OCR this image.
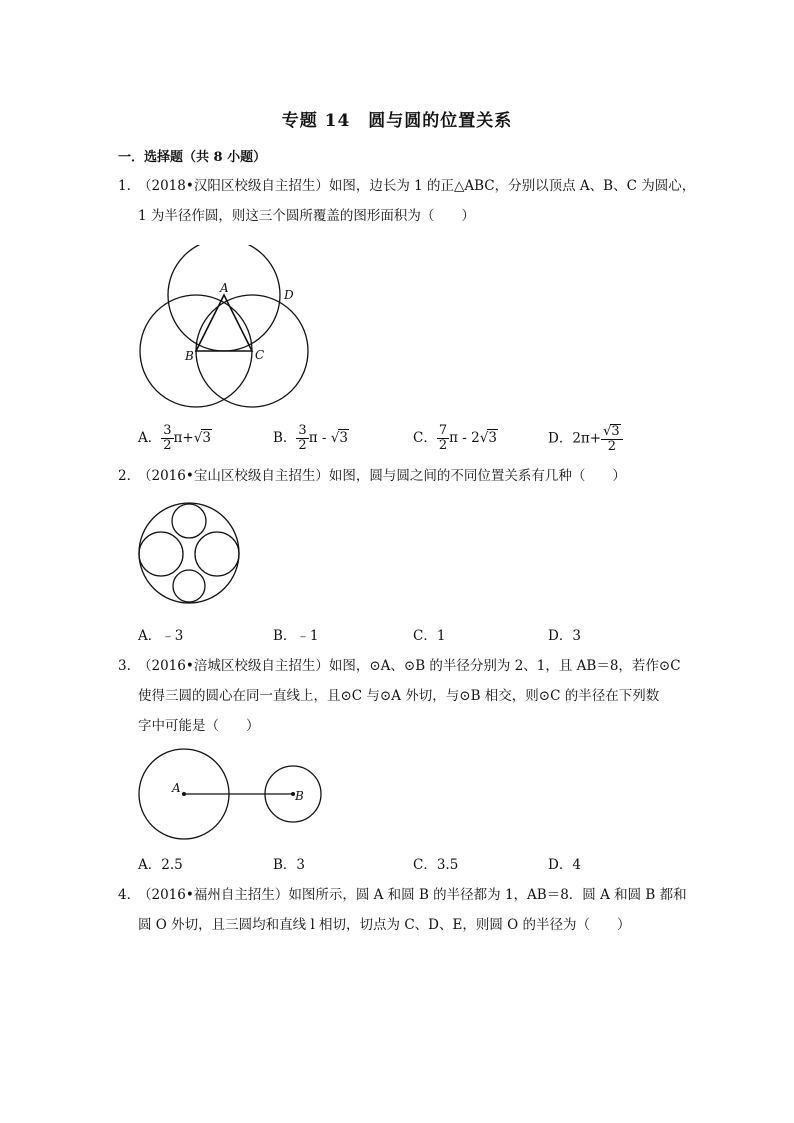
专题 14　圆与圆的位置关系
一．选择题（共 8 小题）
1．
（2018•汉阳区校级自主招生）如图，边长为 1 的正△ABC，分别以顶点 A、B、C 为圆心，
1 为半径作圆，则这三个圆所覆盖的图形面积为（　　）
A	D
B	C
A． $\frac{3}{2} \pi+√3$	B． $\frac{3}{2}$ π - √3	C． $\frac{7}{2}$ π - 2√3	D．$2\pi+ \frac{√3}{2}$
2．
（2016•宝山区校级自主招生）如图，圆与圆之间的不同位置关系有几种（　　）
A．﹣3	B．﹣1	C．1	D．3
3．
（2016•涪城区校级自主招生）如图，⊙A、⊙B 的半径分别为 2、1，且 AB＝8，若作⊙C
使得三圆的圆心在同一直线上，且⊙C 与⊙A 外切，与⊙B 相交，则⊙C 的半径在下列数
字中可能是（　　）
A
B
A．2.5	B．3	C．3.5	D．4
4．
（2016•福州自主招生）如图所示，圆 A 和圆 B 的半径都为 1，AB＝8．圆 A 和圆 B 都和
圆 O 外切，且三圆均和直线 l 相切，切点为 C、D、E，则圆 O 的半径为（　　）
